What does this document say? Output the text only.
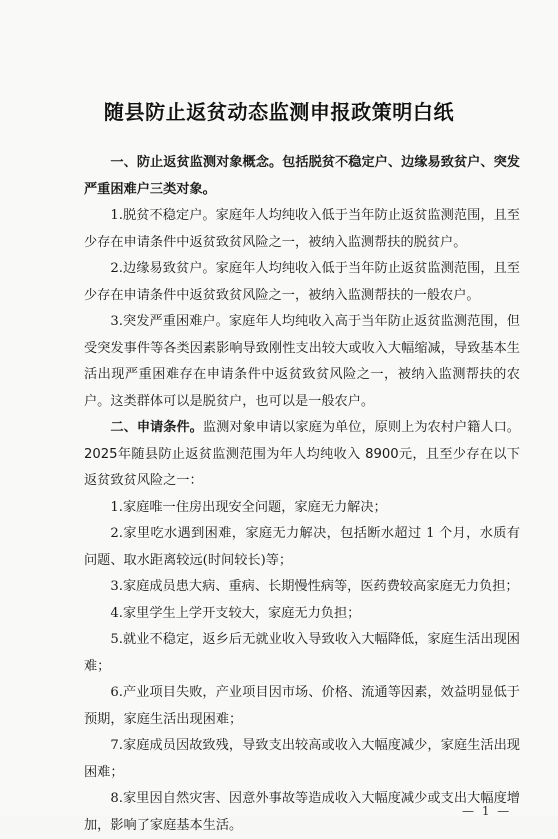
随县防止返贫动态监测申报政策明白纸

一、防止返贫监测对象概念。包括脱贫不稳定户、边缘易致贫户、突发严重困难户三类对象。

1.脱贫不稳定户。家庭年人均纯收入低于当年防止返贫监测范围，且至少存在申请条件中返贫致贫风险之一，被纳入监测帮扶的脱贫户。

2.边缘易致贫户。家庭年人均纯收入低于当年防止返贫监测范围，且至少存在申请条件中返贫致贫风险之一，被纳入监测帮扶的一般农户。

3.突发严重困难户。家庭年人均纯收入高于当年防止返贫监测范围，但受突发事件等各类因素影响导致刚性支出较大或收入大幅缩减，导致基本生活出现严重困难存在申请条件中返贫致贫风险之一，被纳入监测帮扶的农户。这类群体可以是脱贫户，也可以是一般农户。

二、申请条件。监测对象申请以家庭为单位，原则上为农村户籍人口。2025年随县防止返贫监测范围为年人均纯收入 8900元，且至少存在以下返贫致贫风险之一：

1.家庭唯一住房出现安全问题，家庭无力解决；

2.家里吃水遇到困难，家庭无力解决，包括断水超过 1 个月，水质有问题、取水距离较远(时间较长)等；

3.家庭成员患大病、重病、长期慢性病等，医药费较高家庭无力负担；

4.家里学生上学开支较大，家庭无力负担；

5.就业不稳定，返乡后无就业收入导致收入大幅降低，家庭生活出现困难；

6.产业项目失败，产业项目因市场、价格、流通等因素，效益明显低于预期，家庭生活出现困难；

7.家庭成员因故致残，导致支出较高或收入大幅度减少，家庭生活出现困难；

8.家里因自然灾害、因意外事故等造成收入大幅度减少或支出大幅度增加，影响了家庭基本生活。

— 1 —
